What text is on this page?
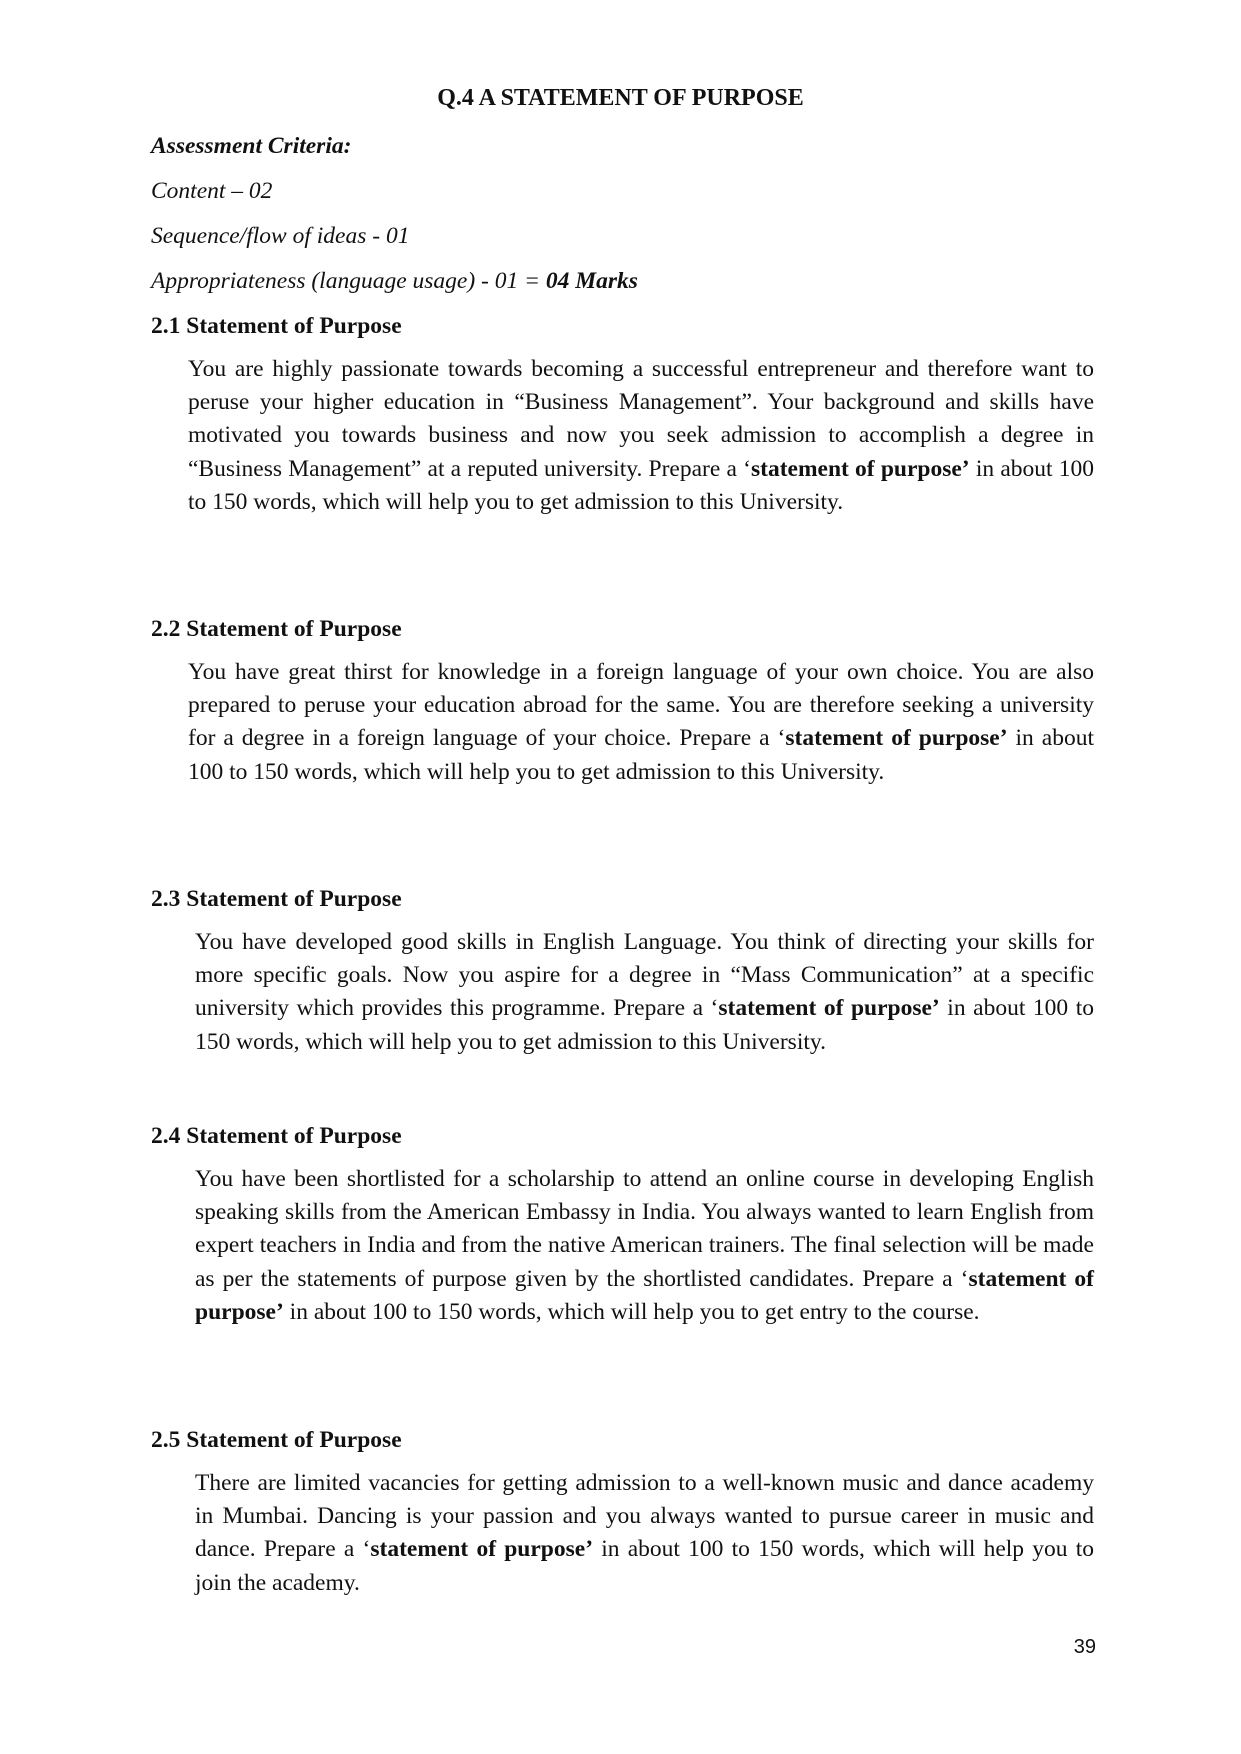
Q.4 A STATEMENT OF PURPOSE

Assessment Criteria:

Content – 02

Sequence/flow of ideas - 01

Appropriateness (language usage) - 01 = 04 Marks

2.1 Statement of Purpose

You are highly passionate towards becoming a successful entrepreneur and therefore want to peruse your higher education in “Business Management”. Your background and skills have motivated you towards business and now you seek admission to accomplish a degree in “Business Management” at a reputed university. Prepare a ‘statement of purpose’ in about 100 to 150 words, which will help you to get admission to this University.

2.2 Statement of Purpose

You have great thirst for knowledge in a foreign language of your own choice. You are also prepared to peruse your education abroad for the same. You are therefore seeking a university for a degree in a foreign language of your choice. Prepare a ‘statement of purpose’ in about 100 to 150 words, which will help you to get admission to this University.

2.3 Statement of Purpose

You have developed good skills in English Language. You think of directing your skills for more specific goals. Now you aspire for a degree in “Mass Communication” at a specific university which provides this programme. Prepare a ‘statement of purpose’ in about 100 to 150 words, which will help you to get admission to this University.

2.4 Statement of Purpose

You have been shortlisted for a scholarship to attend an online course in developing English speaking skills from the American Embassy in India. You always wanted to learn English from expert teachers in India and from the native American trainers. The final selection will be made as per the statements of purpose given by the shortlisted candidates. Prepare a ‘statement of purpose’ in about 100 to 150 words, which will help you to get entry to the course.

2.5 Statement of Purpose

There are limited vacancies for getting admission to a well-known music and dance academy in Mumbai. Dancing is your passion and you always wanted to pursue career in music and dance. Prepare a ‘statement of purpose’ in about 100 to 150 words, which will help you to join the academy.

39
